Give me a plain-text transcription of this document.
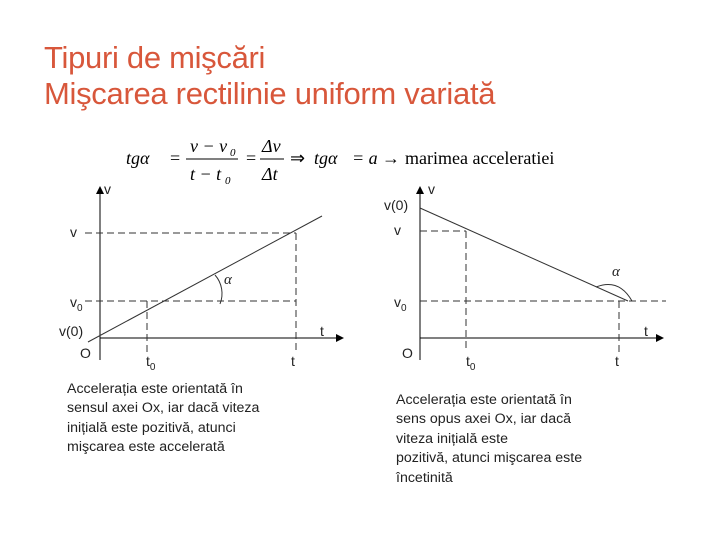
Tipuri de mişcări
Mişcarea rectilinie uniform variată
tgα =
v − v 0
t − t 0
=
Δv
Δt
⇒ tgα = a → marimea acceleratiei
v
t
O
v
$v_0$
v(0)
$t_0$	t
α
v
t
O
v(0)
v
$v_0$
$t_0$	t
α
Accelerația este orientată în
sensul axei Ox, iar dacă viteza
inițială este pozitivă, atunci
mişcarea este accelerată
Accelerația este orientată în
sens opus axei Ox, iar dacă
viteza inițială este
pozitivă, atunci mişcarea este
încetinită
